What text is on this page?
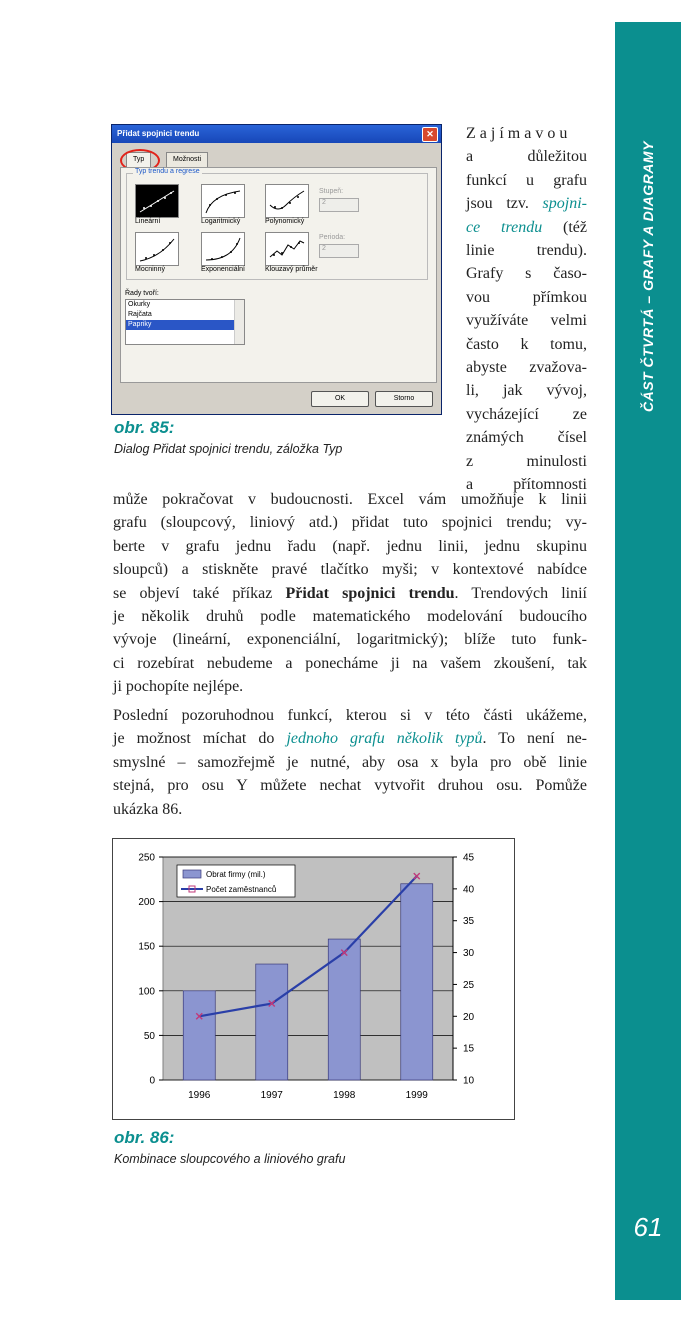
ČÁST ČTVRTÁ – GRAFY A DIAGRAMY
61
Přidat spojnici trendu	✕
Typ	Možnosti
Typ trendu a regrese
Lineární	Logaritmický	Polynomický
Mocninný	Exponenciální	Klouzavý průměr
Stupeň:
2
Perioda:
2
Řady tvoří:
Okurky
Rajčata
Papriky
OK	Storno
obr. 85:
Dialog Přidat spojnici trendu, záložka Typ
Zajímavou
a důležitou
funkcí u grafu
jsou tzv. spojni-
ce trendu (též
linie trendu).
Grafy s časo-
vou přímkou
využíváte velmi
často k tomu,
abyste zvažova-
li, jak vývoj,
vycházející ze
známých čísel
z minulosti
a přítomnosti
může pokračovat v budoucnosti. Excel vám umožňuje k linii
grafu (sloupcový, liniový atd.) přidat tuto spojnici trendu; vy-
berte v grafu jednu řadu (např. jednu linii, jednu skupinu
sloupců) a stiskněte pravé tlačítko myši; v kontextové nabídce
se objeví také příkaz Přidat spojnici trendu. Trendových linií
je několik druhů podle matematického modelování budoucího
vývoje (lineární, exponenciální, logaritmický); blíže tuto funk-
ci rozebírat nebudeme a ponecháme ji na vašem zkoušení, tak
ji pochopíte nejlépe.
Poslední pozoruhodnou funkcí, kterou si v této části ukážeme,
je možnost míchat do jednoho grafu několik typů. To není ne-
smyslné – samozřejmě je nutné, aby osa x byla pro obě linie
stejná, pro osu Y můžete nechat vytvořit druhou osu. Pomůže
ukázka 86.
0
50
100
150
200
250
10
15
20
25
30
35
40
45
1996	1997	1998	1999
Obrat firmy (mil.)
Počet zaměstnanců
obr. 86:
Kombinace sloupcového a liniového grafu
